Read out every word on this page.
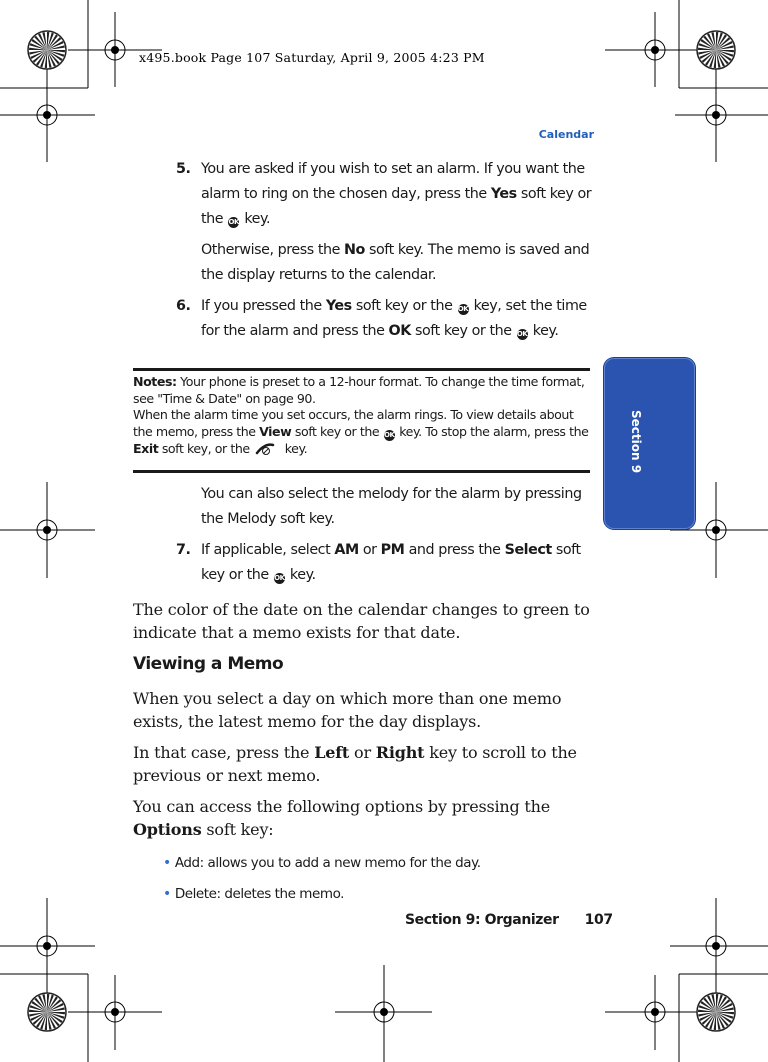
x495.book Page 107 Saturday, April 9, 2005 4:23 PM
Calendar
Section 9
5. You are asked if you wish to set an alarm. If you want the alarm to ring on the chosen day, press the Yes soft key or the OK key.
Otherwise, press the No soft key. The memo is saved and the display returns to the calendar.
6. If you pressed the Yes soft key or the OK key, set the time for the alarm and press the OK soft key or the OK key.
Notes: Your phone is preset to a 12-hour format. To change the time format, see "Time & Date" on page 90.
When the alarm time you set occurs, the alarm rings. To view details about the memo, press the View soft key or the OK key. To stop the alarm, press the Exit soft key, or the  key.
You can also select the melody for the alarm by pressing the Melody soft key.
7. If applicable, select AM or PM and press the Select soft key or the OK key.
The color of the date on the calendar changes to green to indicate that a memo exists for that date.
Viewing a Memo
When you select a day on which more than one memo exists, the latest memo for the day displays.
In that case, press the Left or Right key to scroll to the previous or next memo.
You can access the following options by pressing the Options soft key:
• Add: allows you to add a new memo for the day.
• Delete: deletes the memo.
Section 9: Organizer 107
